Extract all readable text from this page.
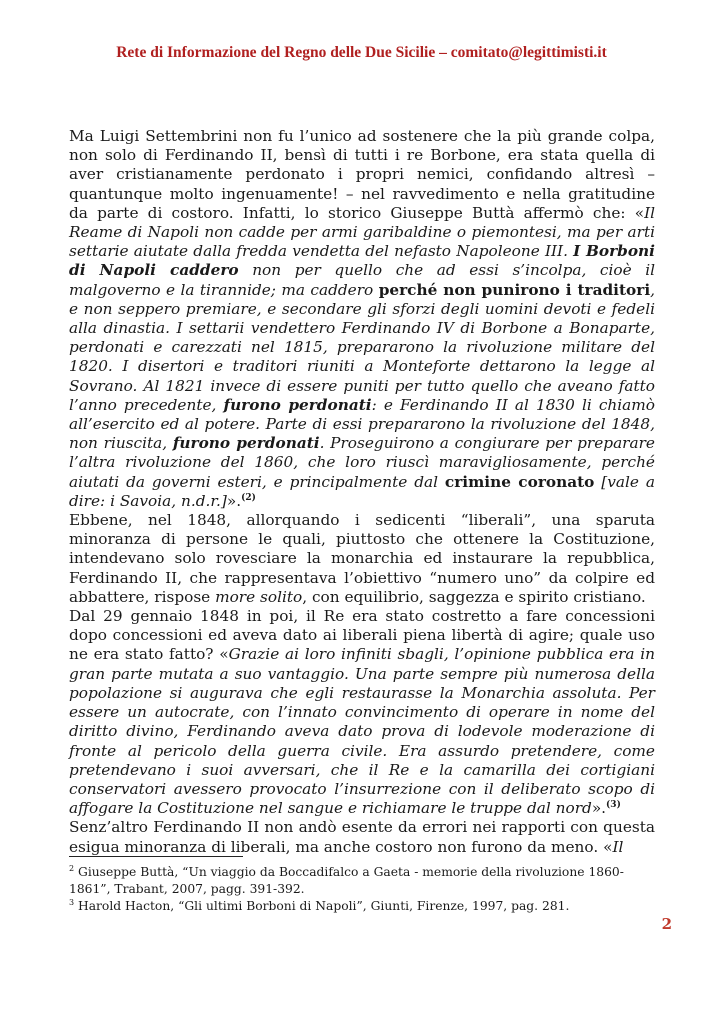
Rete di Informazione del Regno delle Due Sicilie – comitato@legittimisti.it

Ma Luigi Settembrini non fu l’unico ad sostenere che la più grande colpa, non solo di Ferdinando II, bensì di tutti i re Borbone, era stata quella di aver cristianamente perdonato i propri nemici, confidando altresì – quantunque molto ingenuamente! – nel ravvedimento e nella gratitudine da parte di costoro. Infatti, lo storico Giuseppe Buttà affermò che: «Il Reame di Napoli non cadde per armi garibaldine o piemontesi, ma per arti settarie aiutate dalla fredda vendetta del nefasto Napoleone III. I Borboni di Napoli caddero non per quello che ad essi s’incolpa, cioè il malgoverno e la tirannide; ma caddero perché non punirono i traditori, e non seppero premiare, e secondare gli sforzi degli uomini devoti e fedeli alla dinastia. I settarii vendettero Ferdinando IV di Borbone a Bonaparte, perdonati e carezzati nel 1815, prepararono la rivoluzione militare del 1820. I disertori e traditori riuniti a Monteforte dettarono la legge al Sovrano. Al 1821 invece di essere puniti per tutto quello che aveano fatto l’anno precedente, furono perdonati: e Ferdinando II al 1830 li chiamò all’esercito ed al potere. Parte di essi prepararono la rivoluzione del 1848, non riuscita, furono perdonati. Proseguirono a congiurare per preparare l’altra rivoluzione del 1860, che loro riuscì maravigliosamente, perché aiutati da governi esteri, e principalmente dal crimine coronato [vale a dire: i Savoia, n.d.r.]».$^{(2)}$

Ebbene, nel 1848, allorquando i sedicenti “liberali”, una sparuta minoranza di persone le quali, piuttosto che ottenere la Costituzione, intendevano solo rovesciare la monarchia ed instaurare la repubblica, Ferdinando II, che rappresentava l’obiettivo “numero uno” da colpire ed abbattere, rispose more solito, con equilibrio, saggezza e spirito cristiano.

Dal 29 gennaio 1848 in poi, il Re era stato costretto a fare concessioni dopo concessioni ed aveva dato ai liberali piena libertà di agire; quale uso ne era stato fatto? «Grazie ai loro infiniti sbagli, l’opinione pubblica era in gran parte mutata a suo vantaggio. Una parte sempre più numerosa della popolazione si augurava che egli restaurasse la Monarchia assoluta. Per essere un autocrate, con l’innato convincimento di operare in nome del diritto divino, Ferdinando aveva dato prova di lodevole moderazione di fronte al pericolo della guerra civile. Era assurdo pretendere, come pretendevano i suoi avversari, che il Re e la camarilla dei cortigiani conservatori avessero provocato l’insurrezione con il deliberato scopo di affogare la Costituzione nel sangue e richiamare le truppe dal nord».$^{(3)}$

Senz’altro Ferdinando II non andò esente da errori nei rapporti con questa esigua minoranza di liberali, ma anche costoro non furono da meno. «Il

$^2$ Giuseppe Buttà, “Un viaggio da Boccadifalco a Gaeta - memorie della rivoluzione 1860-1861”, Trabant, 2007, pagg. 391-392.

$^3$ Harold Hacton, “Gli ultimi Borboni di Napoli”, Giunti, Firenze, 1997, pag. 281.

2
